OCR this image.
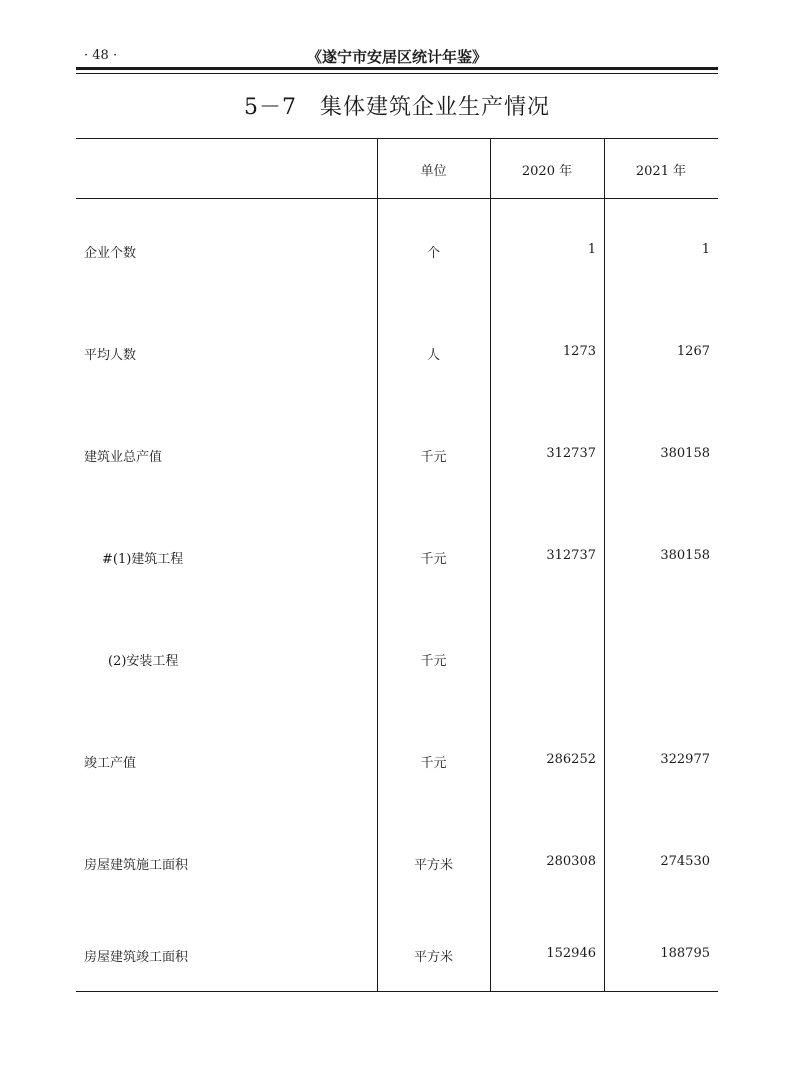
· 48 ·	《遂宁市安居区统计年鉴》
5－7　集体建筑企业生产情况
单位	2020 年	2021 年
企业个数	个	1	1
平均人数	人	1273	1267
建筑业总产值	千元	312737	380158
#(1)建筑工程	千元	312737	380158
(2)安装工程	千元
竣工产值	千元	286252	322977
房屋建筑施工面积	平方米	280308	274530
房屋建筑竣工面积	平方米	152946	188795
